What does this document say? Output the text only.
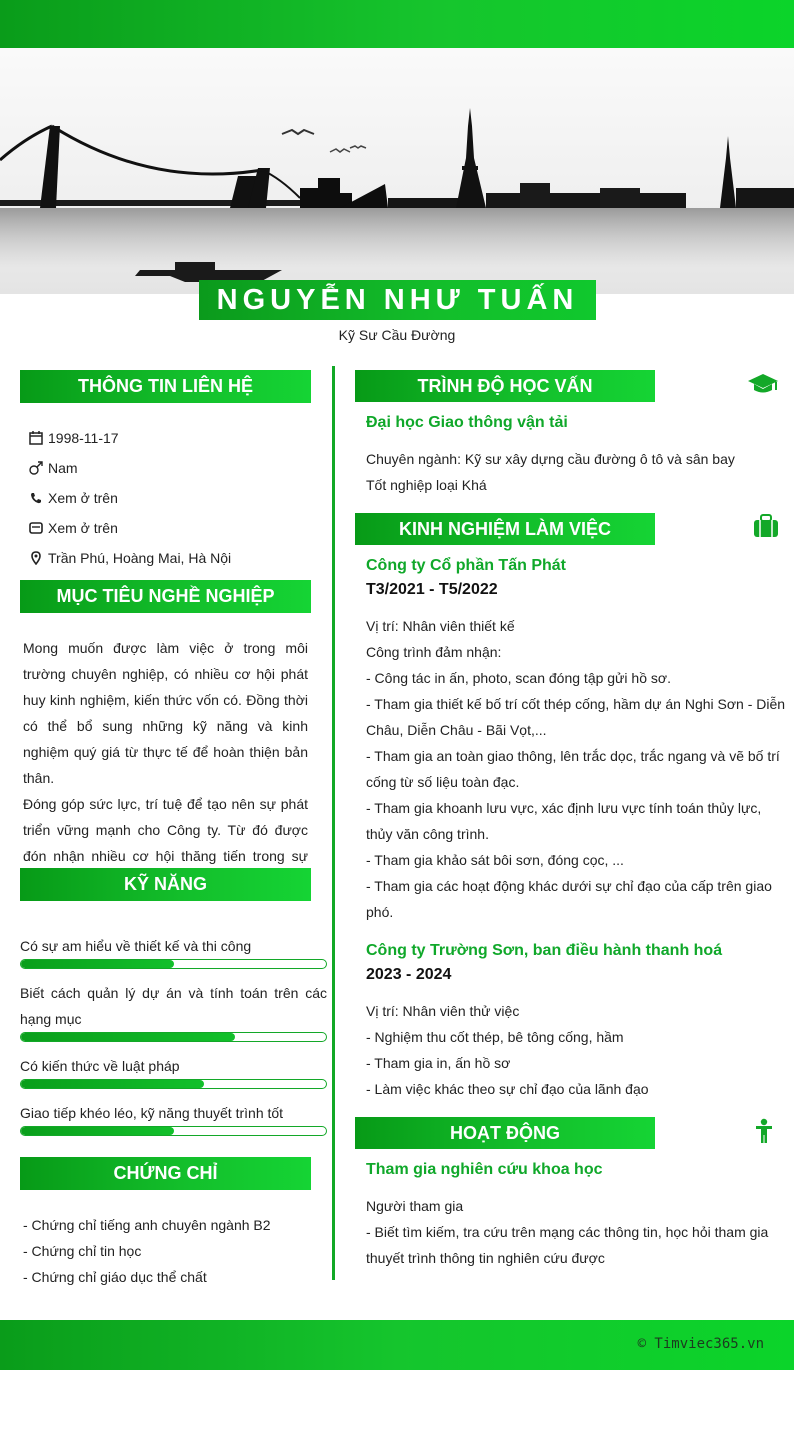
NGUYỄN NHƯ TUẤN
Kỹ Sư Cầu Đường
THÔNG TIN LIÊN HỆ
1998-11-17
Nam
Xem ở trên
Xem ở trên
Trần Phú, Hoàng Mai, Hà Nội
MỤC TIÊU NGHỀ NGHIỆP
Mong muốn được làm việc ở trong môi trường chuyên nghiệp, có nhiều cơ hội phát huy kinh nghiệm, kiến thức vốn có. Đồng thời có thể bổ sung những kỹ năng và kinh nghiệm quý giá từ thực tế để hoàn thiện bản thân.
Đóng góp sức lực, trí tuệ để tạo nên sự phát triển vững mạnh cho Công ty. Từ đó được đón nhận nhiều cơ hội thăng tiến trong sự
KỸ NĂNG
Có sự am hiểu về thiết kế và thi công
Biết cách quản lý dự án và tính toán trên các hạng mục
Có kiến thức về luật pháp
Giao tiếp khéo léo, kỹ năng thuyết trình tốt
CHỨNG CHỈ
- Chứng chỉ tiếng anh chuyên ngành B2
- Chứng chỉ tin học
- Chứng chỉ giáo dục thể chất
TRÌNH ĐỘ HỌC VẤN
Đại học Giao thông vận tải
Chuyên ngành: Kỹ sư xây dựng cầu đường ô tô và sân bay
Tốt nghiệp loại Khá
KINH NGHIỆM LÀM VIỆC
Công ty Cổ phần Tấn Phát
T3/2021 - T5/2022
Vị trí: Nhân viên thiết kế
Công trình đảm nhận:
- Công tác in ấn, photo, scan đóng tập gửi hồ sơ.
- Tham gia thiết kế bố trí cốt thép cống, hầm dự án Nghi Sơn - Diễn Châu, Diễn Châu - Bãi Vọt,...
- Tham gia an toàn giao thông, lên trắc dọc, trắc ngang và vẽ bố trí cống từ số liệu toàn đạc.
- Tham gia khoanh lưu vực, xác định lưu vực tính toán thủy lực, thủy văn công trình.
- Tham gia khảo sát bôi sơn, đóng cọc, ...
- Tham gia các hoạt động khác dưới sự chỉ đạo của cấp trên giao phó.
Công ty Trường Sơn, ban điều hành thanh hoá
2023 - 2024
Vị trí: Nhân viên thử việc
- Nghiệm thu cốt thép, bê tông cống, hầm
- Tham gia in, ấn hồ sơ
- Làm việc khác theo sự chỉ đạo của lãnh đạo
HOẠT ĐỘNG
Tham gia nghiên cứu khoa học
Người tham gia
- Biết tìm kiếm, tra cứu trên mạng các thông tin, học hỏi tham gia thuyết trình thông tin nghiên cứu được
© Timviec365.vn
